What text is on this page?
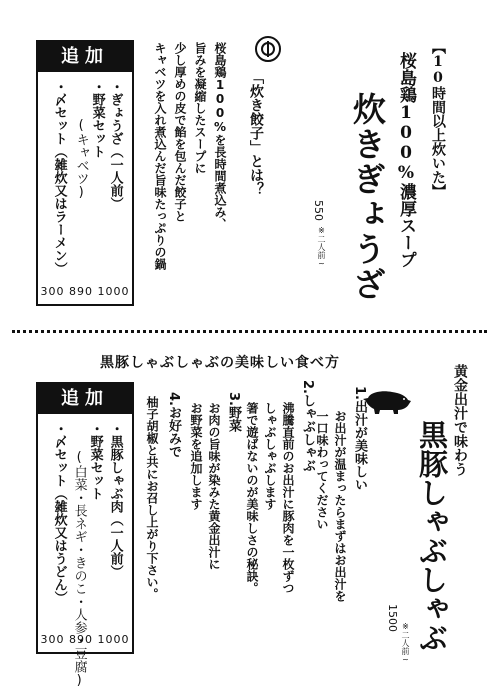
追加
・ぎょうざ（一人前）
・野菜セット
(キャベツ)
・〆セット（雑炊又はラーメン）
300 890 1000
キャベツを入れ煮込んだ旨味たっぷりの鍋 少し厚めの皮で餡を包んだ餃子と 旨みを凝縮したスープに 桜島鶏100%を長時間煮込み、 「炊き餃子」とは？
550
※二人前~ 炊きぎょうざ 桜島鶏100%濃厚スープ 【10時間以上炊いた】
黒豚しゃぶしゃぶの美味しい食べ方
追加
・黒豚しゃぶ肉（一人前）
・野菜セット
(白菜・長ネギ・きのこ・人参・豆腐)
・〆セット（雑炊又はうどん）
300 890 1000
柚子胡椒と共にお召し上がり下さい。 4.お好みで お野菜を追加します お肉の旨味が染みた黄金出汁に 3.野菜 箸で遊ばないのが美味しさの秘訣。 しゃぶしゃぶします 沸騰直前のお出汁に豚肉を一枚ずつ 2.しゃぶしゃぶ 一口味わってください お出汁が温まったらまずはお出汁を 1.出汁が美味しい
1500
※二人前~ 黒豚しゃぶしゃぶ 黄金出汁で味わう
